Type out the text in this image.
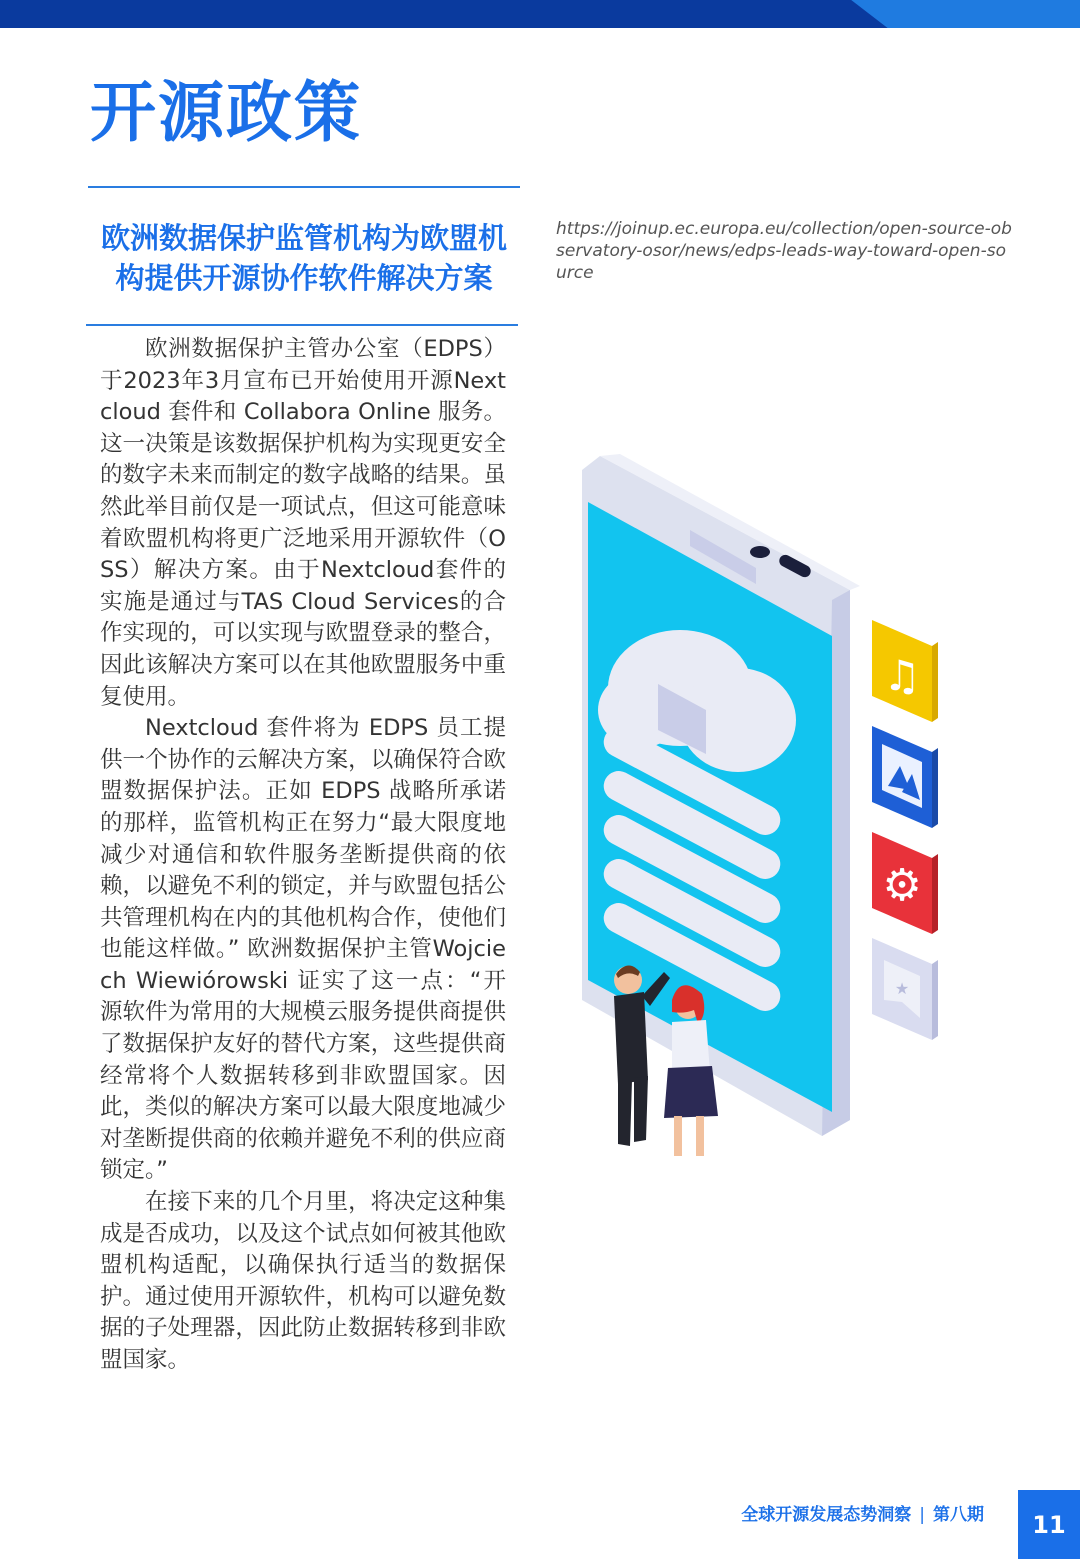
开源政策
欧洲数据保护监管机构为欧盟机构提供开源协作软件解决方案

https://joinup.ec.europa.eu/collection/open-source-observatory-osor/news/edps-leads-way-toward-open-source

欧洲数据保护主管办公室（EDPS）于2023年3月宣布已开始使用开源Nextcloud 套件和 Collabora Online 服务。这一决策是该数据保护机构为实现更安全的数字未来而制定的数字战略的结果。虽然此举目前仅是一项试点，但这可能意味着欧盟机构将更广泛地采用开源软件（OSS）解决方案。由于Nextcloud套件的实施是通过与TAS Cloud Services的合作实现的，可以实现与欧盟登录的整合，因此该解决方案可以在其他欧盟服务中重复使用。

Nextcloud 套件将为 EDPS 员工提供一个协作的云解决方案，以确保符合欧盟数据保护法。正如 EDPS 战略所承诺的那样，监管机构正在努力“最大限度地减少对通信和软件服务垄断提供商的依赖，以避免不利的锁定，并与欧盟包括公共管理机构在内的其他机构合作，使他们也能这样做。” 欧洲数据保护主管Wojciech Wiewiórowski 证实了这一点：“开源软件为常用的大规模云服务提供商提供了数据保护友好的替代方案，这些提供商经常将个人数据转移到非欧盟国家。因此，类似的解决方案可以最大限度地减少对垄断提供商的依赖并避免不利的供应商锁定。”

在接下来的几个月里，将决定这种集成是否成功，以及这个试点如何被其他欧盟机构适配，以确保执行适当的数据保护。通过使用开源软件，机构可以避免数据的子处理器，因此防止数据转移到非欧盟国家。

♫
⚙
★
全球开源发展态势洞察 | 第八期	11
